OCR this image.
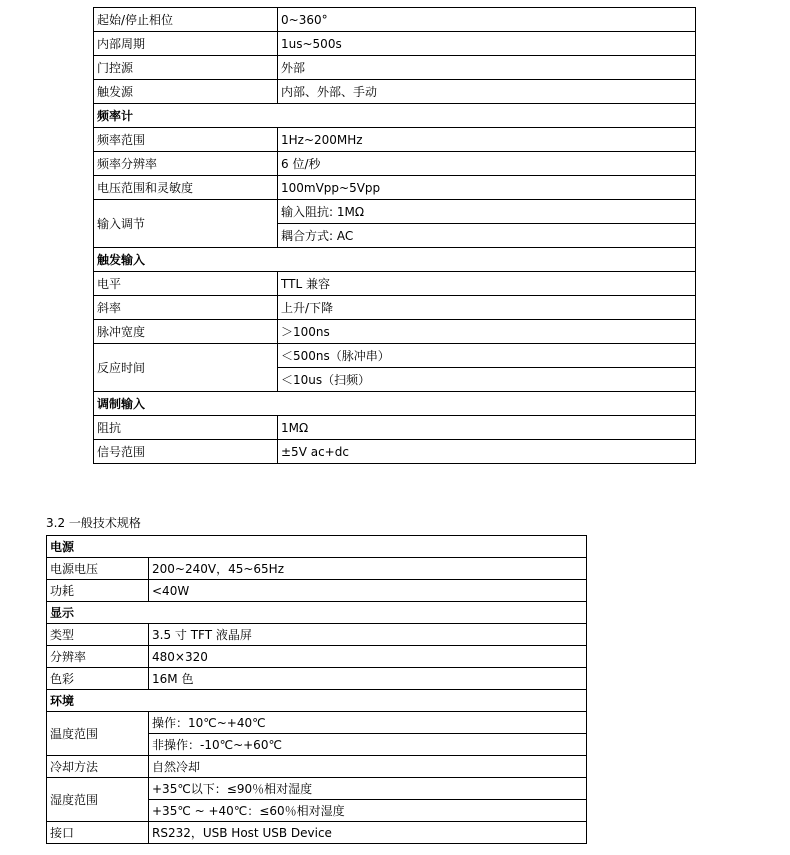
起始/停止相位	0~360°
内部周期	1us~500s
门控源	外部
触发源	内部、外部、手动
频率计	
频率范围	1Hz~200MHz
频率分辨率	6 位/秒
电压范围和灵敏度	100mVpp~5Vpp
输入调节	输入阻抗: 1MΩ
	耦合方式: AC
触发输入	
电平	TTL 兼容
斜率	上升/下降
脉冲宽度	＞100ns
反应时间	＜500ns（脉冲串）
	＜10us（扫频）
调制输入	
阻抗	1MΩ
信号范围	±5V ac+dc
3.2 一般技术规格
电源	
电源电压	200~240V，45~65Hz
功耗	<40W
显示	
类型	3.5 寸 TFT 液晶屏
分辨率	480×320
色彩	16M 色
环境	
温度范围	操作：10℃~+40℃
	非操作：-10℃~+60℃
冷却方法	自然冷却
湿度范围	+35℃以下：≤90％相对湿度
	+35℃ ~ +40℃：≤60％相对湿度
接口	RS232，USB Host USB Device
